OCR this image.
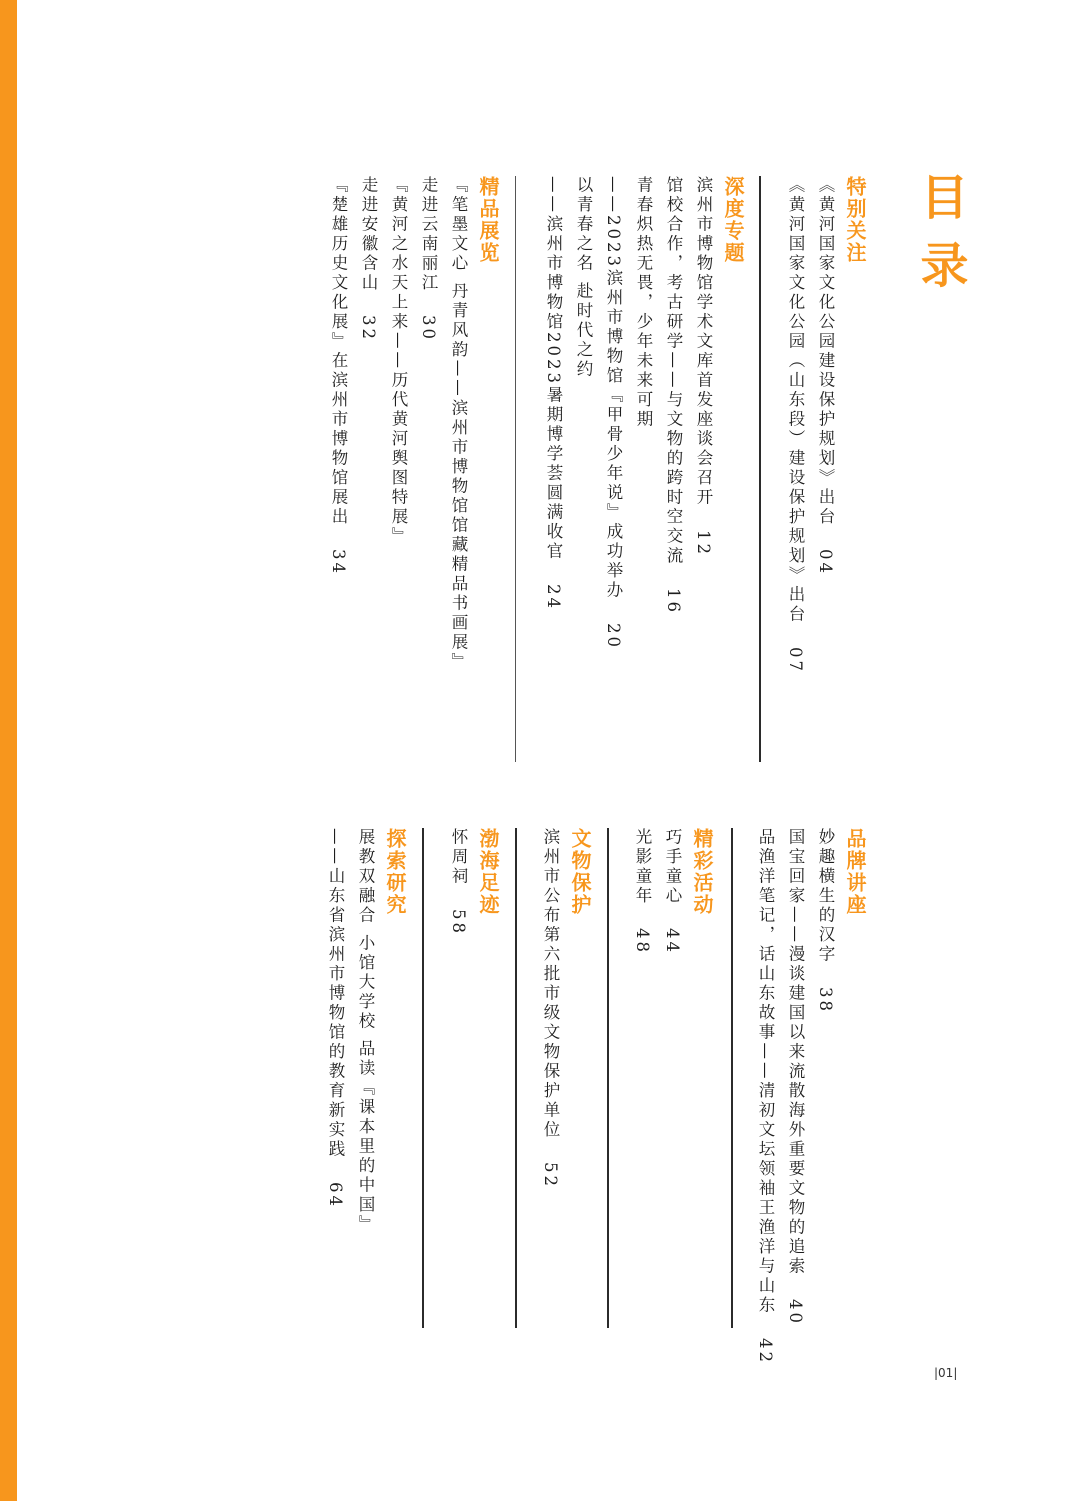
目录
特别关注
《黄河国家文化公园建设保护规划》出台 04
《黄河国家文化公园（山东段）建设保护规划》出台 07
深度专题
滨州市博物馆学术文库首发座谈会召开 12
馆校合作，考古研学——与文物的跨时空交流 16
青春炽热无畏，少年未来可期
——2023滨州市博物馆『甲骨少年说』成功举办 20
以青春之名 赴时代之约
——滨州市博物馆2023暑期博学荟圆满收官 24
精品展览
『笔墨文心 丹青风韵——滨州市博物馆馆藏精品书画展』
走进云南丽江 30
『黄河之水天上来——历代黄河舆图特展』
走进安徽含山 32
『楚雄历史文化展』在滨州市博物馆展出 34
品牌讲座
妙趣横生的汉字 38
国宝回家——漫谈建国以来流散海外重要文物的追索 40
品渔洋笔记，话山东故事——清初文坛领袖王渔洋与山东 42
精彩活动
巧手童心 44
光影童年 48
文物保护
滨州市公布第六批市级文物保护单位 52
渤海足迹
怀周祠 58
探索研究
展教双融合 小馆大学校 品读『课本里的中国』
——山东省滨州市博物馆的教育新实践 64
|01|
